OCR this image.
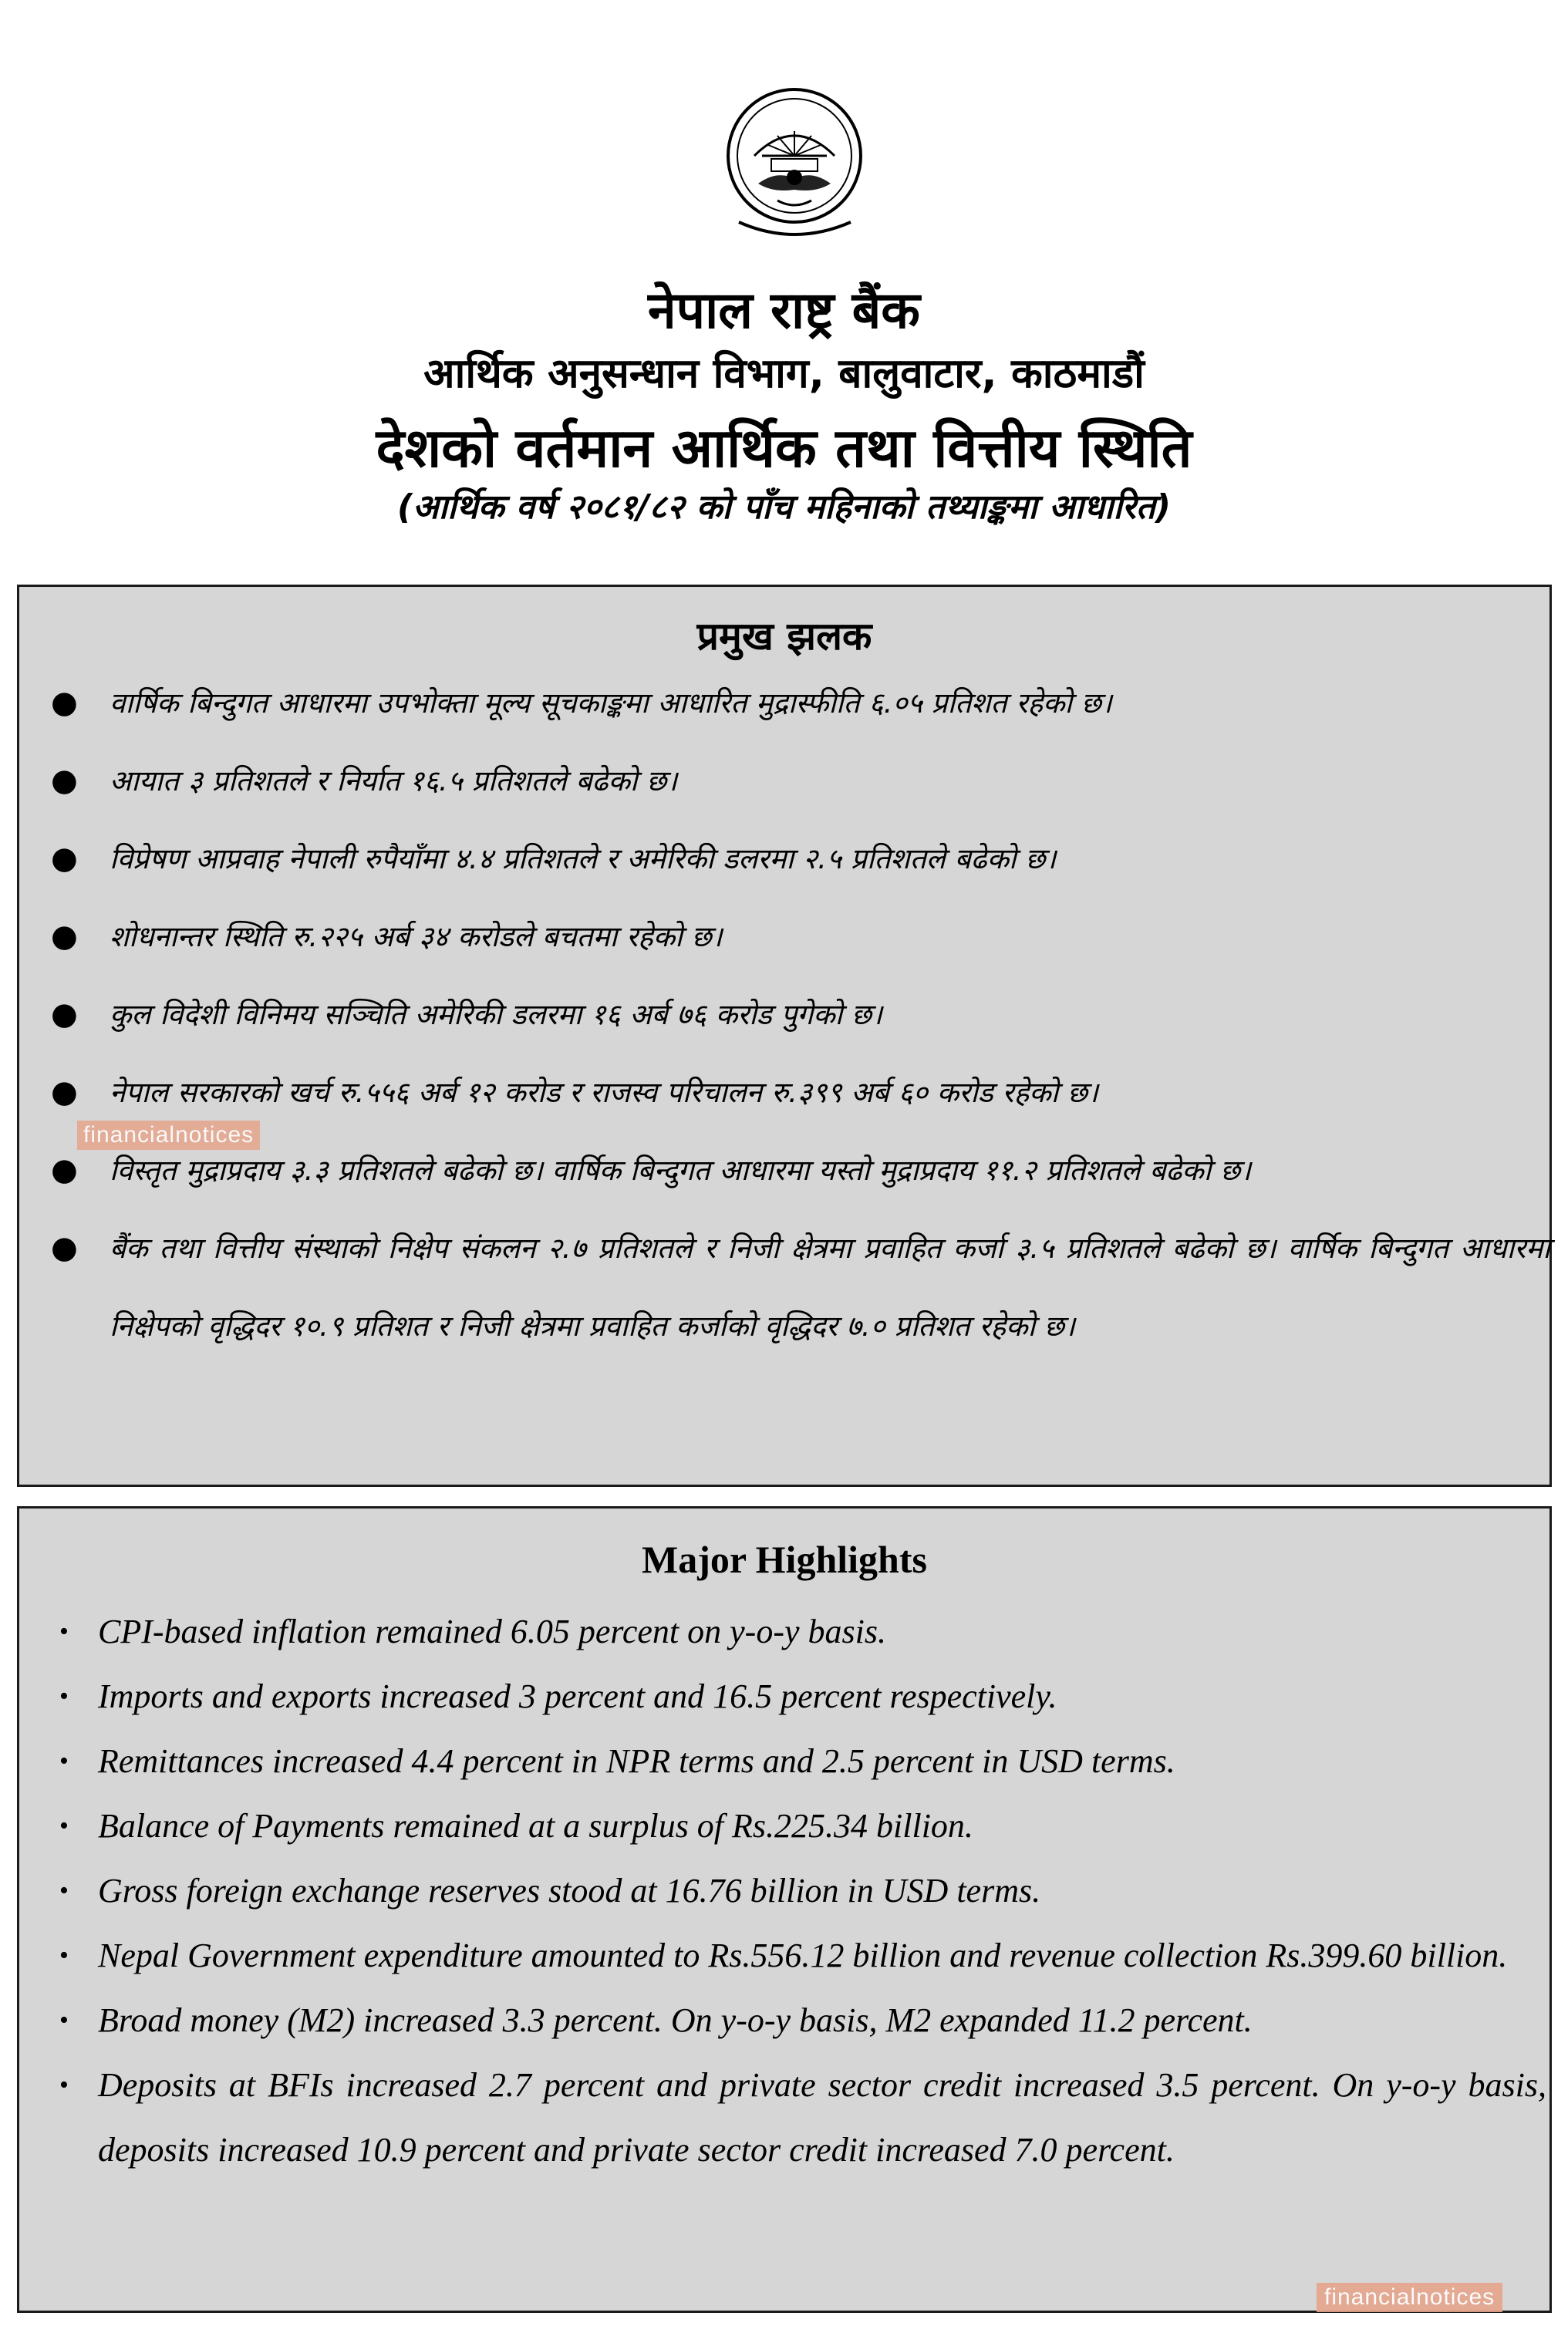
नेपाल राष्ट्र बैंक
आर्थिक अनुसन्धान विभाग, बालुवाटार, काठमाडौं
देशको वर्तमान आर्थिक तथा वित्तीय स्थिति
(आर्थिक वर्ष २०८१/८२ को पाँच महिनाको तथ्याङ्कमा आधारित)
प्रमुख झलक
● वार्षिक बिन्दुगत आधारमा उपभोक्ता मूल्य सूचकाङ्कमा आधारित मुद्रास्फीति ६.०५ प्रतिशत रहेको छ।
● आयात ३ प्रतिशतले र निर्यात १६.५ प्रतिशतले बढेको छ।
● विप्रेषण आप्रवाह नेपाली रुपैयाँमा ४.४ प्रतिशतले र अमेरिकी डलरमा २.५ प्रतिशतले बढेको छ।
● शोधनान्तर स्थिति रु.२२५ अर्ब ३४ करोडले बचतमा रहेको छ।
● कुल विदेशी विनिमय सञ्चिति अमेरिकी डलरमा १६ अर्ब ७६ करोड पुगेको छ।
● नेपाल सरकारको खर्च रु.५५६ अर्ब १२ करोड र राजस्व परिचालन रु.३९९ अर्ब ६० करोड रहेको छ।
● विस्तृत मुद्राप्रदाय ३.३ प्रतिशतले बढेको छ। वार्षिक बिन्दुगत आधारमा यस्तो मुद्राप्रदाय ११.२ प्रतिशतले बढेको छ।
● बैंक तथा वित्तीय संस्थाको निक्षेप संकलन २.७ प्रतिशतले र निजी क्षेत्रमा प्रवाहित कर्जा ३.५ प्रतिशतले बढेको छ। वार्षिक बिन्दुगत आधारमा निक्षेपको वृद्धिदर १०.९ प्रतिशत र निजी क्षेत्रमा प्रवाहित कर्जाको वृद्धिदर ७.० प्रतिशत रहेको छ।
Major Highlights
• CPI-based inflation remained 6.05 percent on y-o-y basis.
• Imports and exports increased 3 percent and 16.5 percent respectively.
• Remittances increased 4.4 percent in NPR terms and 2.5 percent in USD terms.
• Balance of Payments remained at a surplus of Rs.225.34 billion.
• Gross foreign exchange reserves stood at 16.76 billion in USD terms.
• Nepal Government expenditure amounted to Rs.556.12 billion and revenue collection Rs.399.60 billion.
• Broad money (M2) increased 3.3 percent. On y-o-y basis, M2 expanded 11.2 percent.
• Deposits at BFIs increased 2.7 percent and private sector credit increased 3.5 percent. On y-o-y basis, deposits increased 10.9 percent and private sector credit increased 7.0 percent.
financialnotices
financialnotices
